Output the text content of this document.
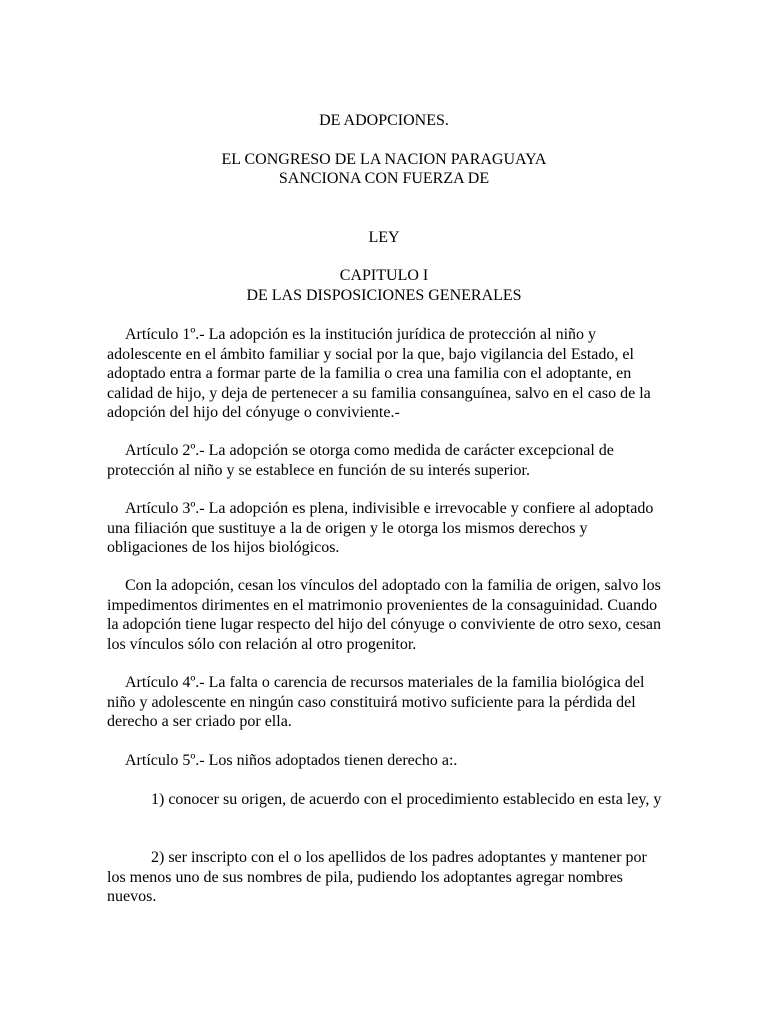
DE ADOPCIONES.

EL CONGRESO DE LA NACION PARAGUAYA

SANCIONA CON FUERZA DE

LEY

CAPITULO I

DE LAS DISPOSICIONES GENERALES

Artículo 1º.- La adopción es la institución jurídica de protección al niño y adolescente en el ámbito familiar y social por la que, bajo vigilancia del Estado, el adoptado entra a formar parte de la familia o crea una familia con el adoptante, en calidad de hijo, y deja de pertenecer a su familia consanguínea, salvo en el caso de la adopción del hijo del cónyuge o conviviente.-

Artículo 2º.- La adopción se otorga como medida de carácter excepcional de protección al niño y se establece en función de su interés superior.

Artículo 3º.- La adopción es plena, indivisible e irrevocable y confiere al adoptado una filiación que sustituye a la de origen y le otorga los mismos derechos y obligaciones de los hijos biológicos.

Con la adopción, cesan los vínculos del adoptado con la familia de origen, salvo los impedimentos dirimentes en el matrimonio provenientes de la consaguinidad. Cuando la adopción tiene lugar respecto del hijo del cónyuge o conviviente de otro sexo, cesan los vínculos sólo con relación al otro progenitor.

Artículo 4º.- La falta o carencia de recursos materiales de la familia biológica del niño y adolescente en ningún caso constituirá motivo suficiente para la pérdida del derecho a ser criado por ella.

Artículo 5º.- Los niños adoptados tienen derecho a:.

1) conocer su origen, de acuerdo con el procedimiento establecido en esta ley, y

2) ser inscripto con el o los apellidos de los padres adoptantes y mantener por los menos uno de sus nombres de pila, pudiendo los adoptantes agregar nombres nuevos.
